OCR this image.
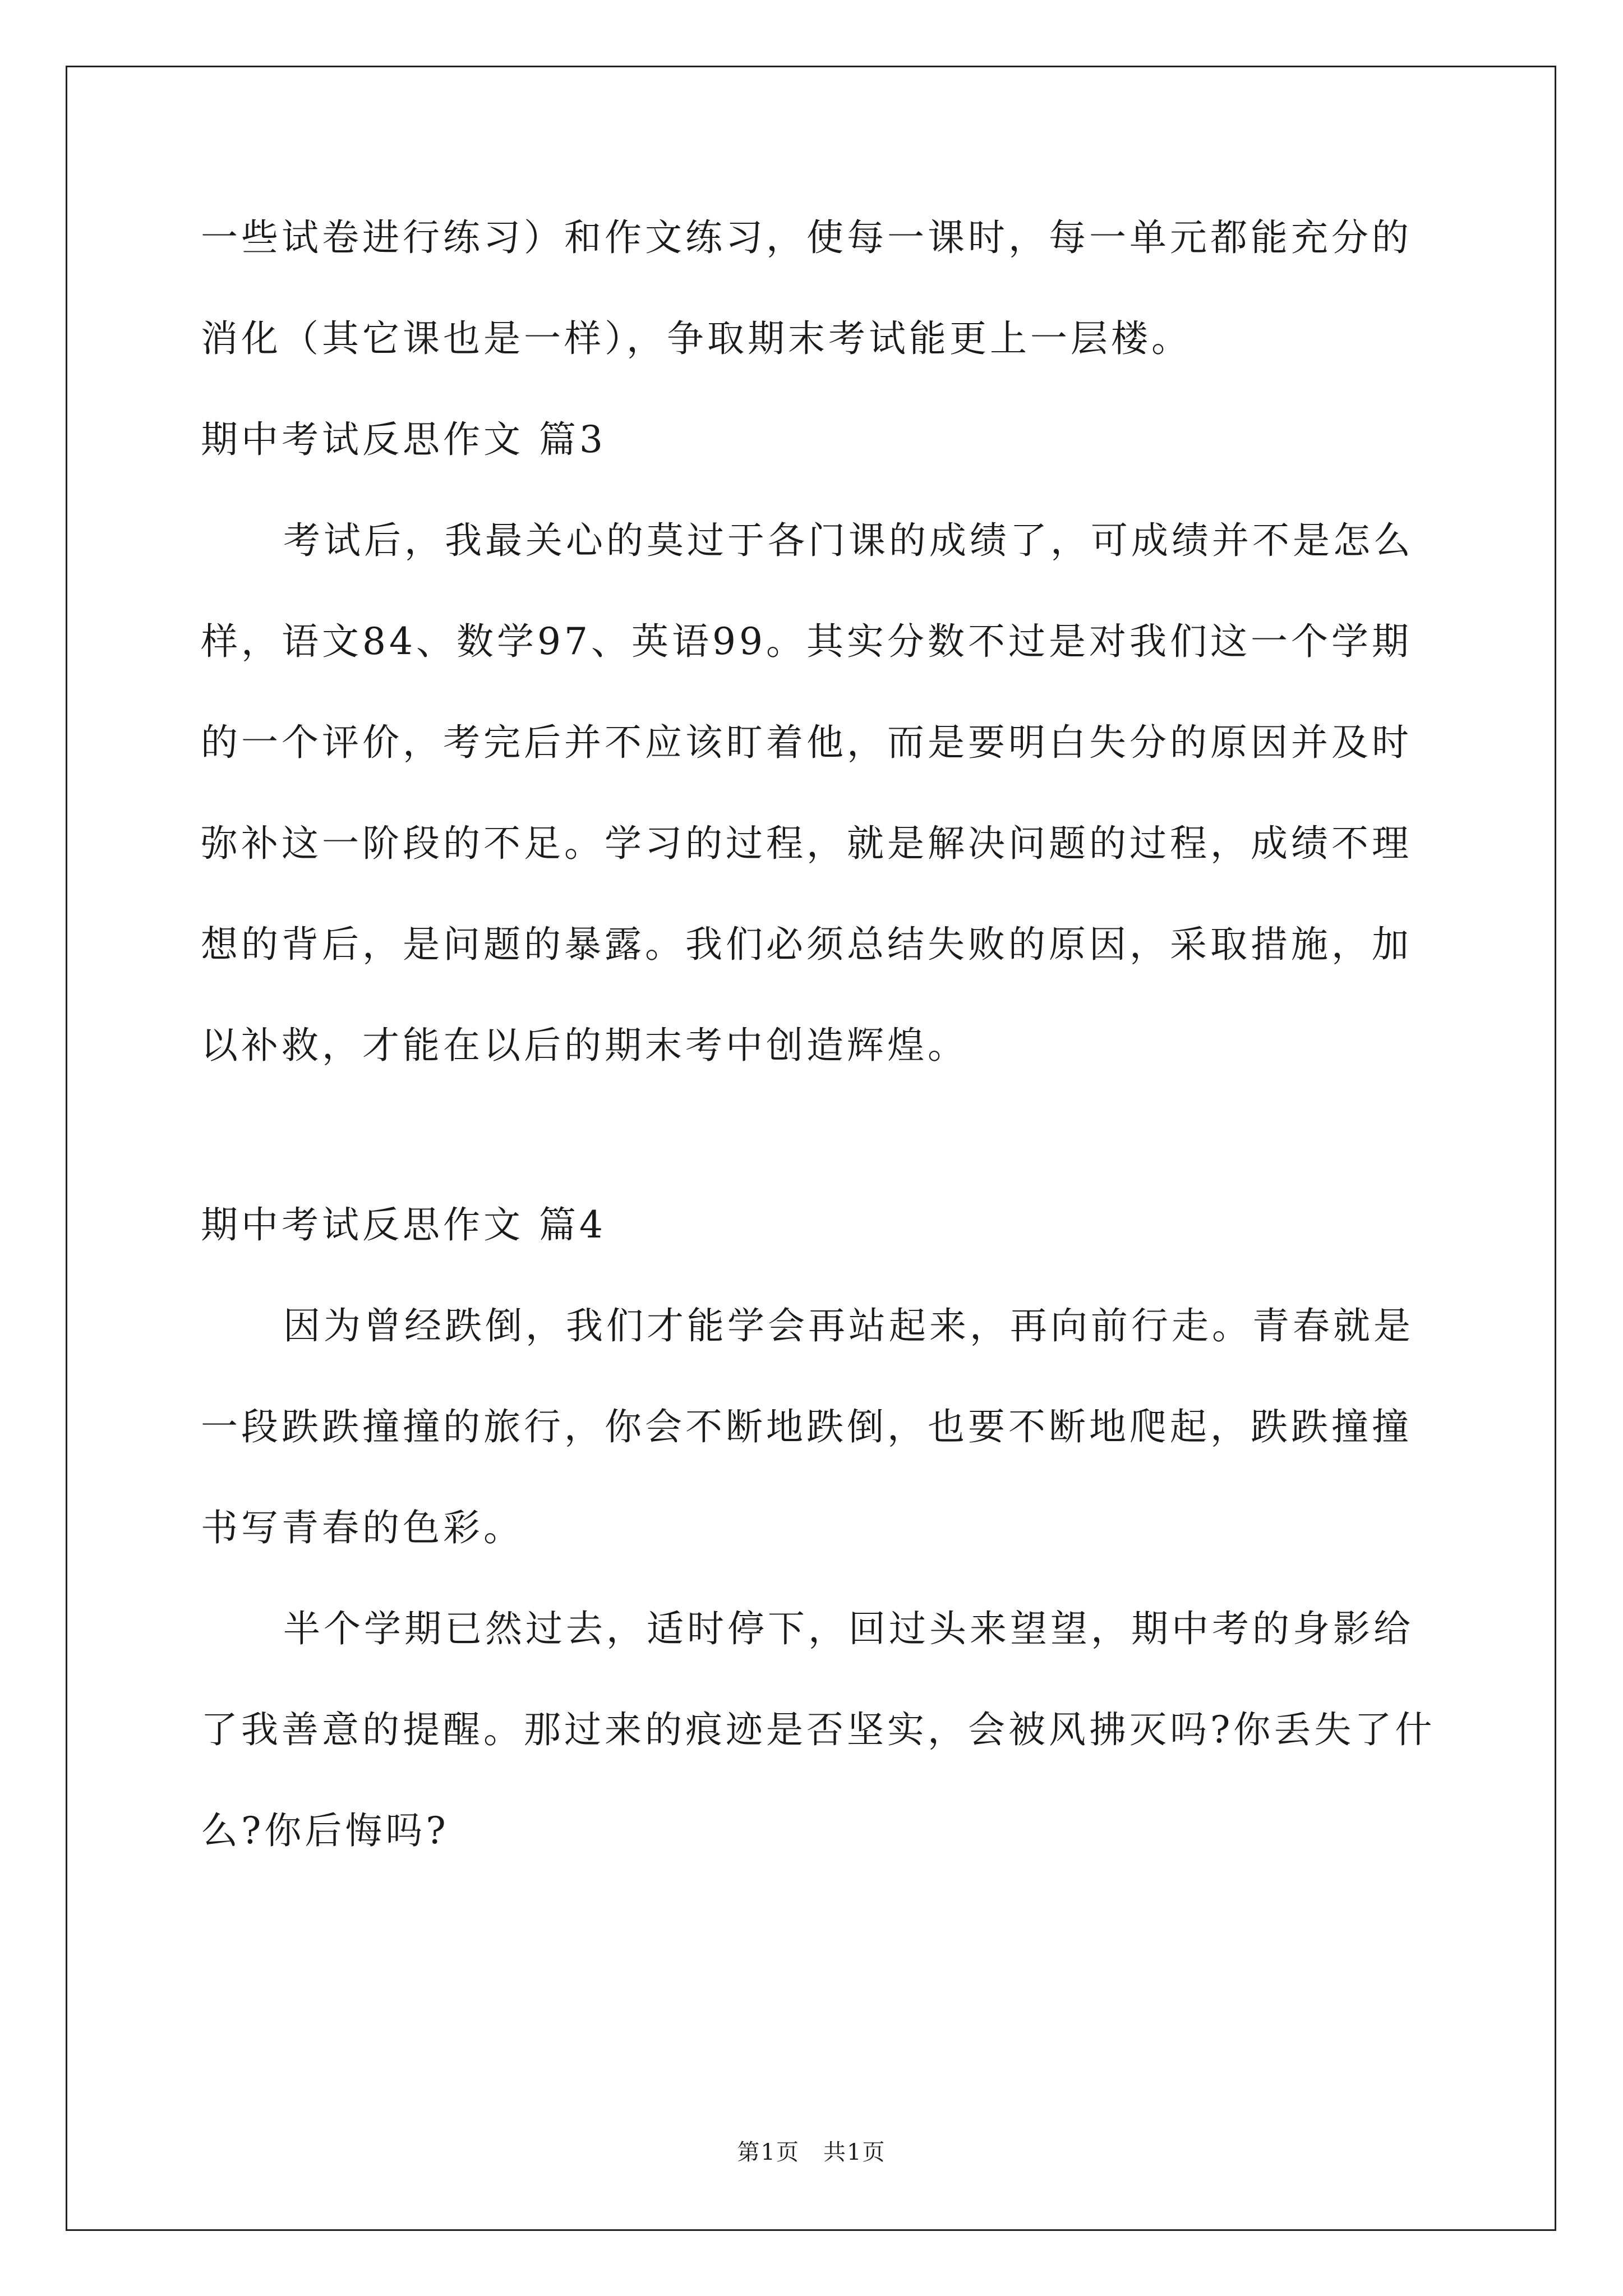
一些试卷进行练习）和作文练习，使每一课时，每一单元都能充分的

消化（其它课也是一样），争取期末考试能更上一层楼。

期中考试反思作文 篇3

考试后，我最关心的莫过于各门课的成绩了，可成绩并不是怎么

样，语文84、数学97、英语99。其实分数不过是对我们这一个学期

的一个评价，考完后并不应该盯着他，而是要明白失分的原因并及时

弥补这一阶段的不足。学习的过程，就是解决问题的过程，成绩不理

想的背后，是问题的暴露。我们必须总结失败的原因，采取措施，加

以补救，才能在以后的期末考中创造辉煌。

期中考试反思作文 篇4

因为曾经跌倒，我们才能学会再站起来，再向前行走。青春就是

一段跌跌撞撞的旅行，你会不断地跌倒，也要不断地爬起，跌跌撞撞

书写青春的色彩。

半个学期已然过去，适时停下，回过头来望望，期中考的身影给

了我善意的提醒。那过来的痕迹是否坚实，会被风拂灭吗?你丢失了什

么?你后悔吗?

第1页　共1页
